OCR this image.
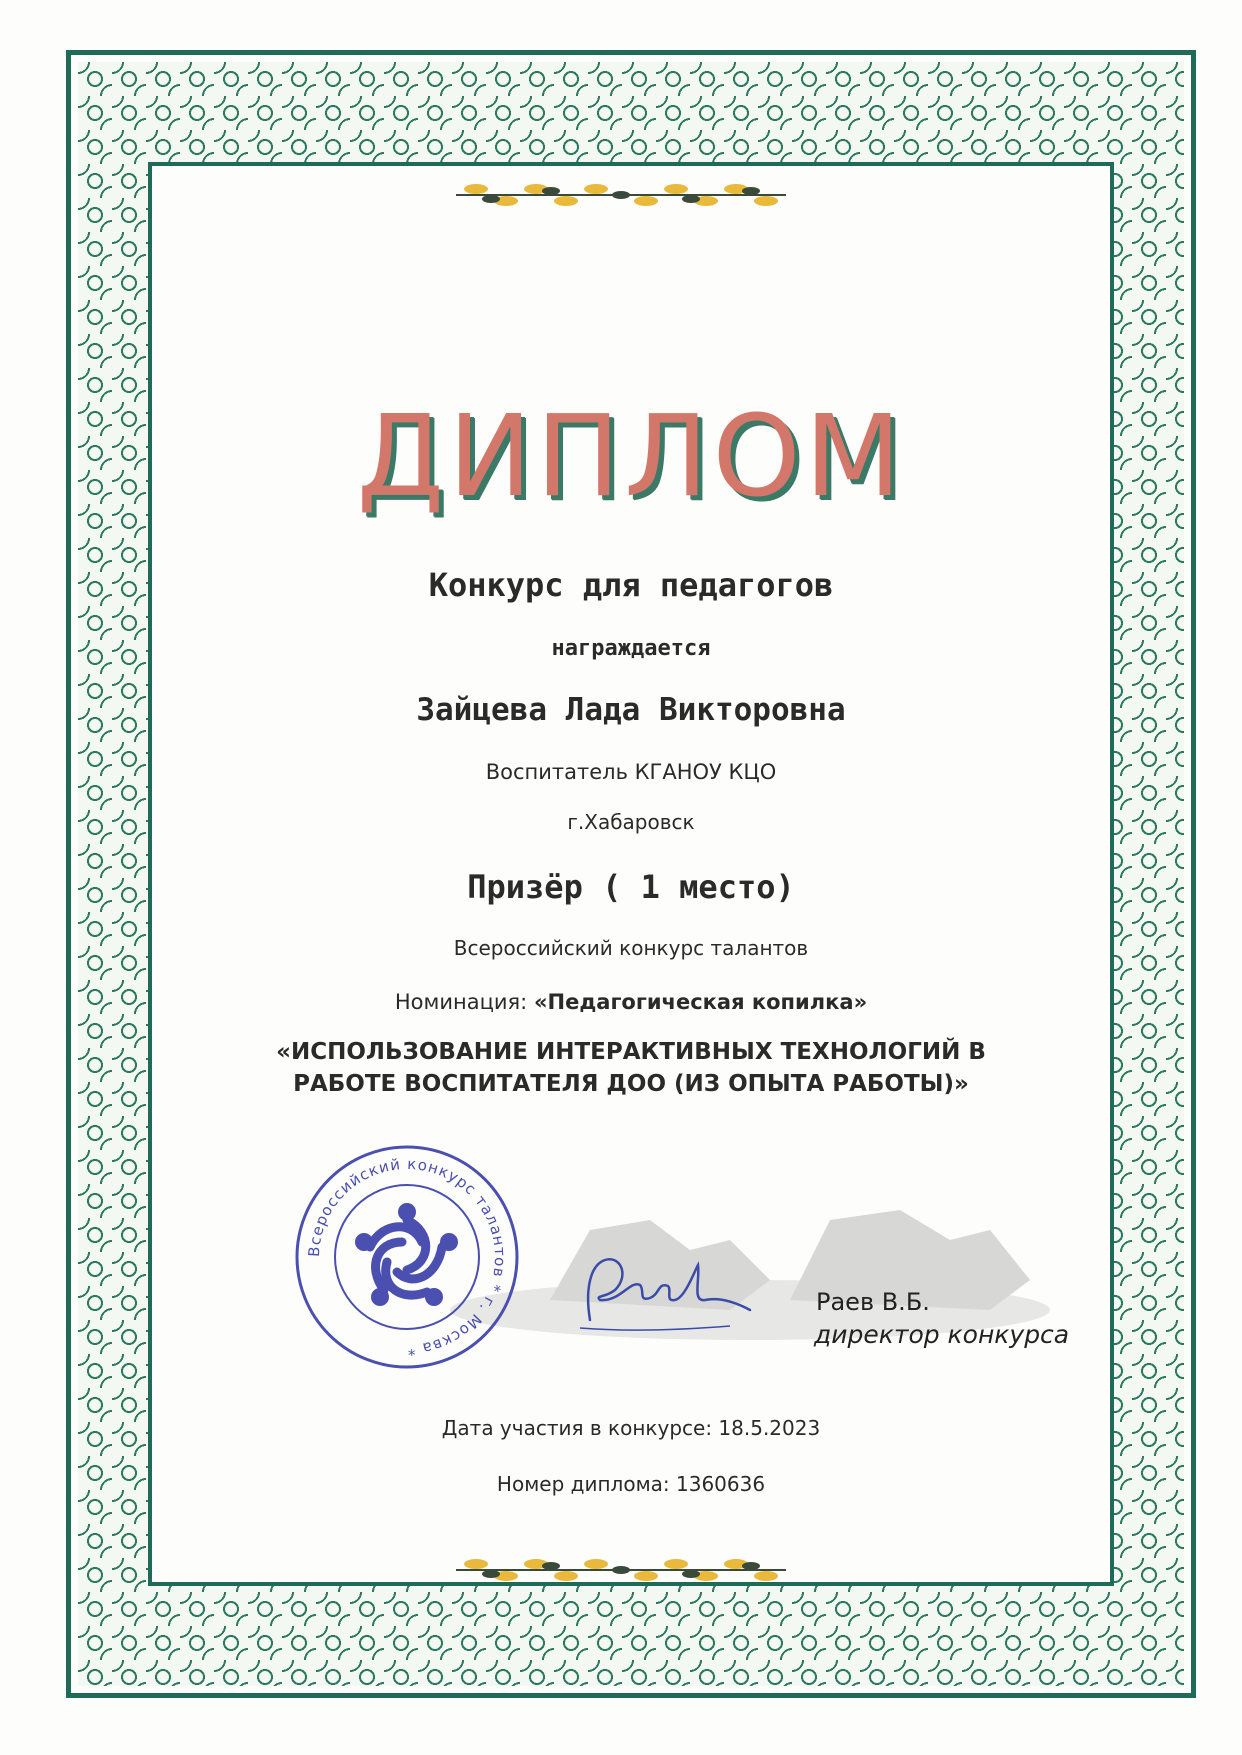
ДИПЛОМ
Конкурс для педагогов
награждается
Зайцева Лада Викторовна
Воспитатель КГАНОУ КЦО
г.Хабаровск
Призёр ( 1 место)
Всероссийский конкурс талантов
Номинация: «Педагогическая копилка»
«ИСПОЛЬЗОВАНИЕ ИНТЕРАКТИВНЫХ ТЕХНОЛОГИЙ В
РАБОТЕ ВОСПИТАТЕЛЯ ДОО (ИЗ ОПЫТА РАБОТЫ)»
Всероссийский конкурс талантов * г. Москва *
Раев
Раев В.Б.
директор конкурса
Дата участия в конкурсе: 18.5.2023
Номер диплома: 1360636
